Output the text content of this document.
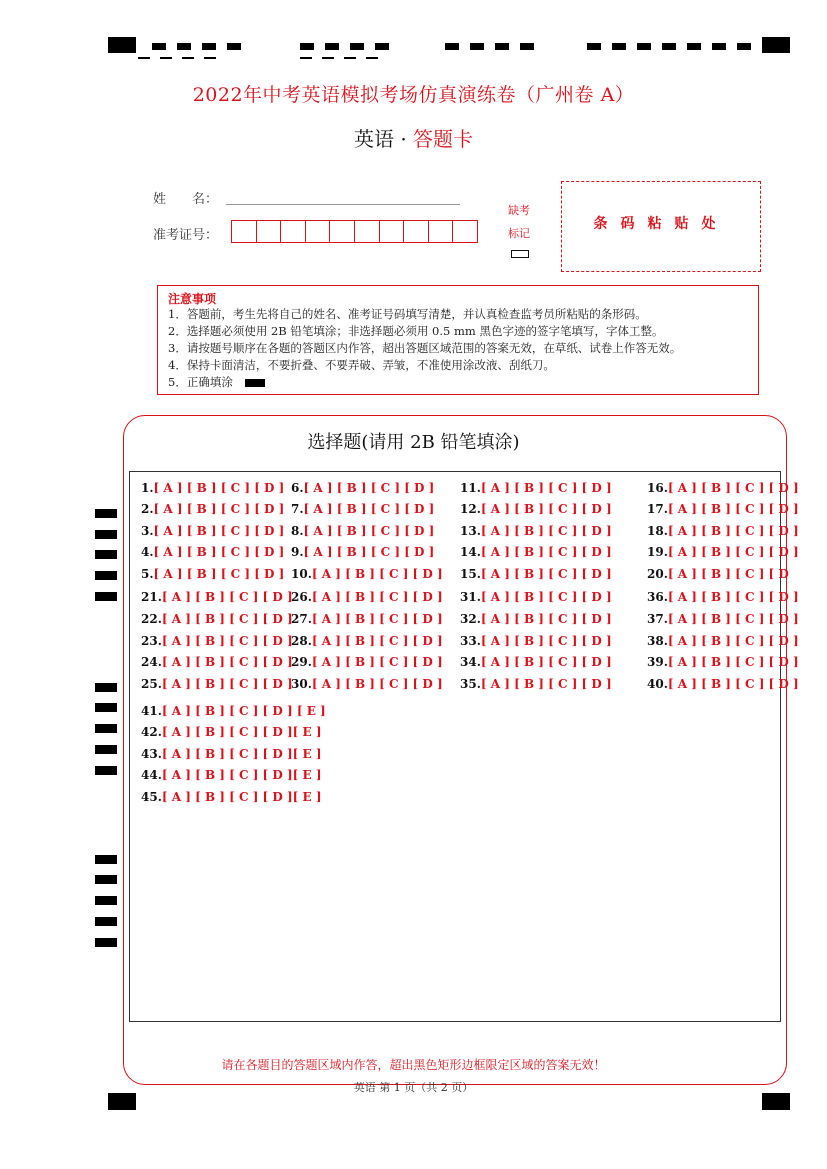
2022年中考英语模拟考场仿真演练卷（广州卷 A）
英语 · 答题卡
姓　　名：
准考证号：
缺考
标记
条码粘贴处
注意事项
1．答题前，考生先将自己的姓名、准考证号码填写清楚，并认真检查监考员所粘贴的条形码。
2．选择题必须使用 2B 铅笔填涂；非选择题必须用 0.5 mm 黑色字迹的签字笔填写，字体工整。
3．请按题号顺序在各题的答题区内作答，超出答题区域范围的答案无效，在草纸、试卷上作答无效。
4．保持卡面清洁，不要折叠、不要弄破、弄皱，不准使用涂改液、刮纸刀。
5．正确填涂
选择题(请用 2B 铅笔填涂)
1.[ A ] [ B ] [ C ] [ D ]
2.[ A ] [ B ] [ C ] [ D ]
3.[ A ] [ B ] [ C ] [ D ]
4.[ A ] [ B ] [ C ] [ D ]
5.[ A ] [ B ] [ C ] [ D ]
21.[ A ] [ B ] [ C ] [ D ]
22.[ A ] [ B ] [ C ] [ D ]
23.[ A ] [ B ] [ C ] [ D ]
24.[ A ] [ B ] [ C ] [ D ]
25.[ A ] [ B ] [ C ] [ D ]
6.[ A ] [ B ] [ C ] [ D ]
7.[ A ] [ B ] [ C ] [ D ]
8.[ A ] [ B ] [ C ] [ D ]
9.[ A ] [ B ] [ C ] [ D ]
10.[ A ] [ B ] [ C ] [ D ]
26.[ A ] [ B ] [ C ] [ D ]
27.[ A ] [ B ] [ C ] [ D ]
28.[ A ] [ B ] [ C ] [ D ]
29.[ A ] [ B ] [ C ] [ D ]
30.[ A ] [ B ] [ C ] [ D ]
11.[ A ] [ B ] [ C ] [ D ]
12.[ A ] [ B ] [ C ] [ D ]
13.[ A ] [ B ] [ C ] [ D ]
14.[ A ] [ B ] [ C ] [ D ]
15.[ A ] [ B ] [ C ] [ D ]
31.[ A ] [ B ] [ C ] [ D ]
32.[ A ] [ B ] [ C ] [ D ]
33.[ A ] [ B ] [ C ] [ D ]
34.[ A ] [ B ] [ C ] [ D ]
35.[ A ] [ B ] [ C ] [ D ]
16.[ A ] [ B ] [ C ] [ D ]
17.[ A ] [ B ] [ C ] [ D ]
18.[ A ] [ B ] [ C ] [ D ]
19.[ A ] [ B ] [ C ] [ D ]
20.[ A ] [ B ] [ C ] [ D
36.[ A ] [ B ] [ C ] [ D ]
37.[ A ] [ B ] [ C ] [ D ]
38.[ A ] [ B ] [ C ] [ D ]
39.[ A ] [ B ] [ C ] [ D ]
40.[ A ] [ B ] [ C ] [ D ]
41.[ A ] [ B ] [ C ] [ D ] [ E ]
42.[ A ] [ B ] [ C ] [ D ][ E ]
43.[ A ] [ B ] [ C ] [ D ][ E ]
44.[ A ] [ B ] [ C ] [ D ][ E ]
45.[ A ] [ B ] [ C ] [ D ][ E ]
请在各题目的答题区域内作答，超出黑色矩形边框限定区域的答案无效！
英语 第 1 页（共 2 页）
